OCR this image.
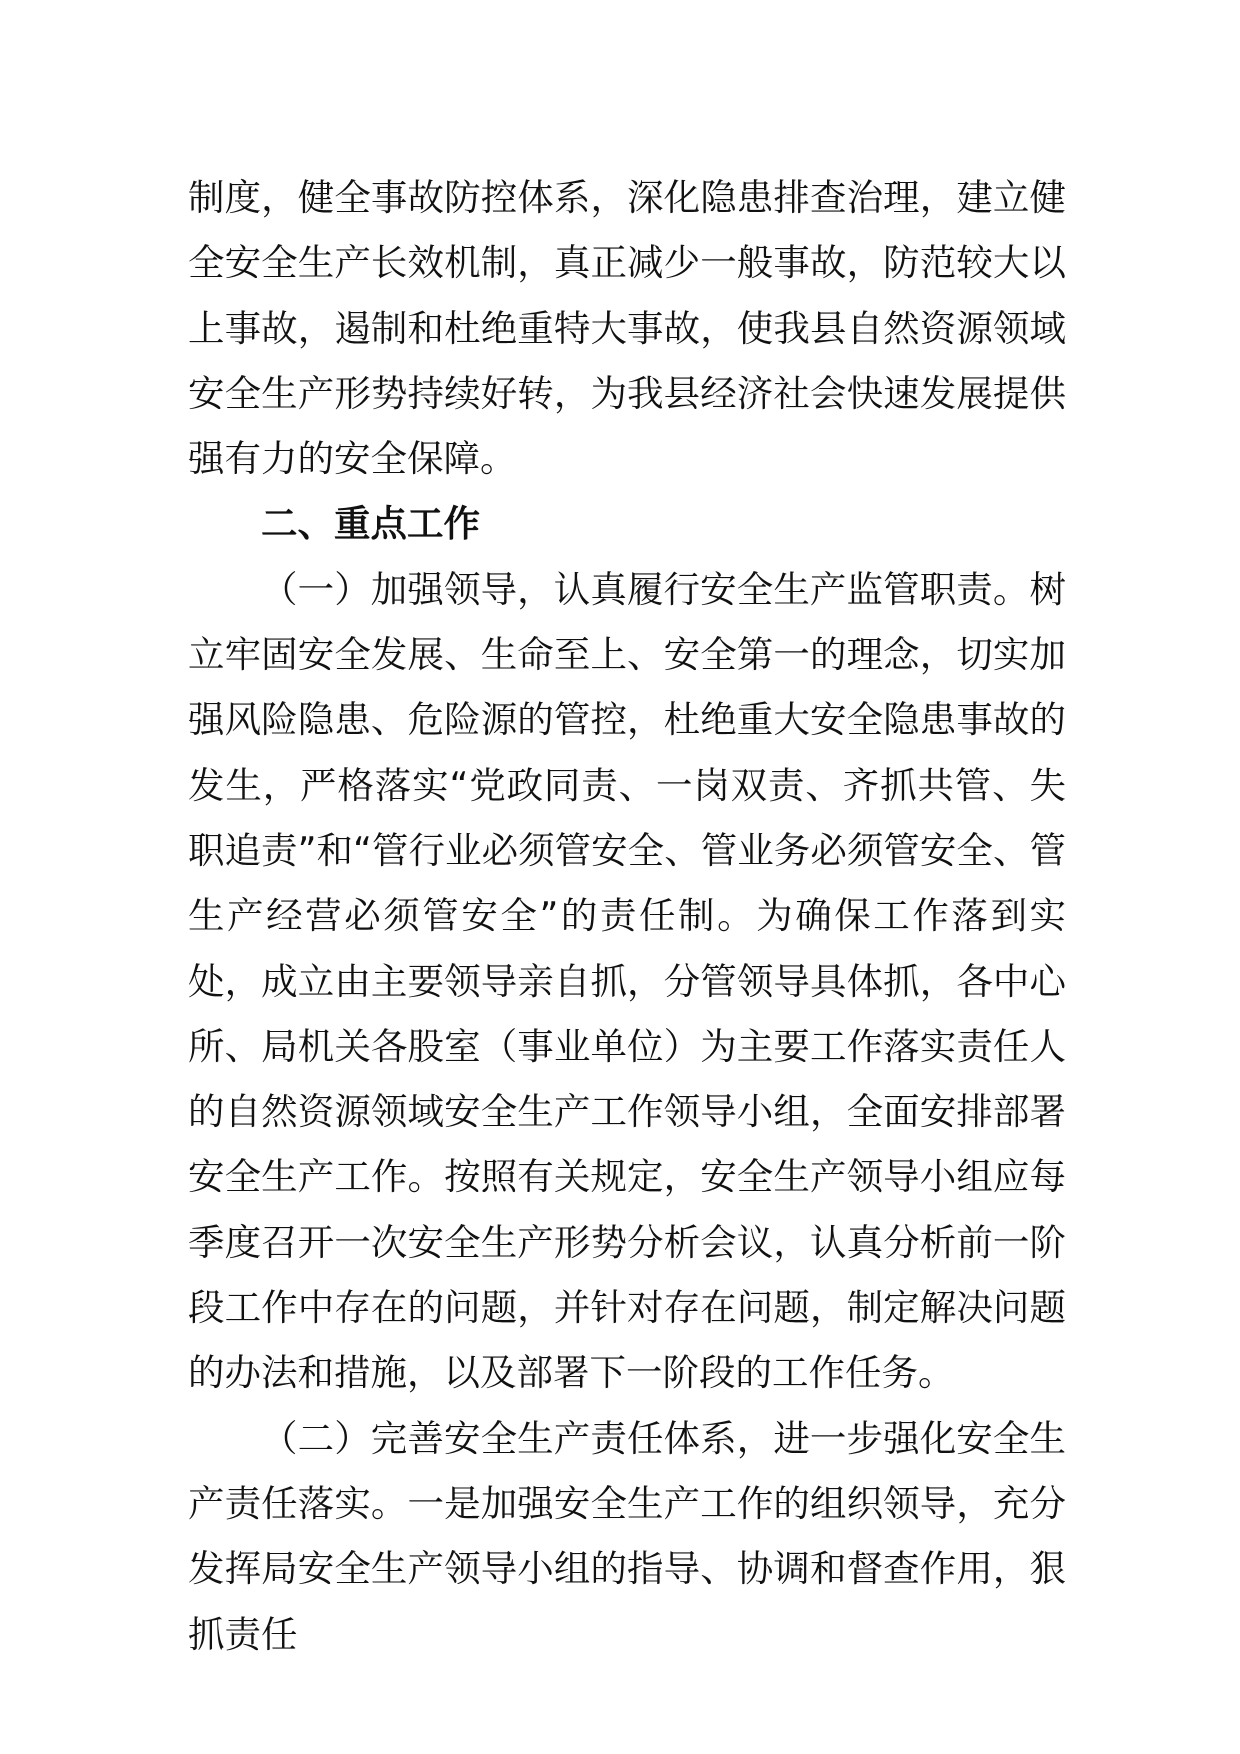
制度，健全事故防控体系，深化隐患排查治理，建立健全安全生产长效机制，真正减少一般事故，防范较大以上事故，遏制和杜绝重特大事故，使我县自然资源领域安全生产形势持续好转，为我县经济社会快速发展提供强有力的安全保障。

二、重点工作

（一）加强领导，认真履行安全生产监管职责。树立牢固安全发展、生命至上、安全第一的理念，切实加强风险隐患、危险源的管控，杜绝重大安全隐患事故的发生，严格落实“党政同责、一岗双责、齐抓共管、失职追责”和“管行业必须管安全、管业务必须管安全、管生产经营必须管安全”的责任制。为确保工作落到实处，成立由主要领导亲自抓，分管领导具体抓，各中心所、局机关各股室（事业单位）为主要工作落实责任人的自然资源领域安全生产工作领导小组，全面安排部署安全生产工作。按照有关规定，安全生产领导小组应每季度召开一次安全生产形势分析会议，认真分析前一阶段工作中存在的问题，并针对存在问题，制定解决问题的办法和措施，以及部署下一阶段的工作任务。

（二）完善安全生产责任体系，进一步强化安全生产责任落实。一是加强安全生产工作的组织领导，充分发挥局安全生产领导小组的指导、协调和督查作用，狠抓责任
